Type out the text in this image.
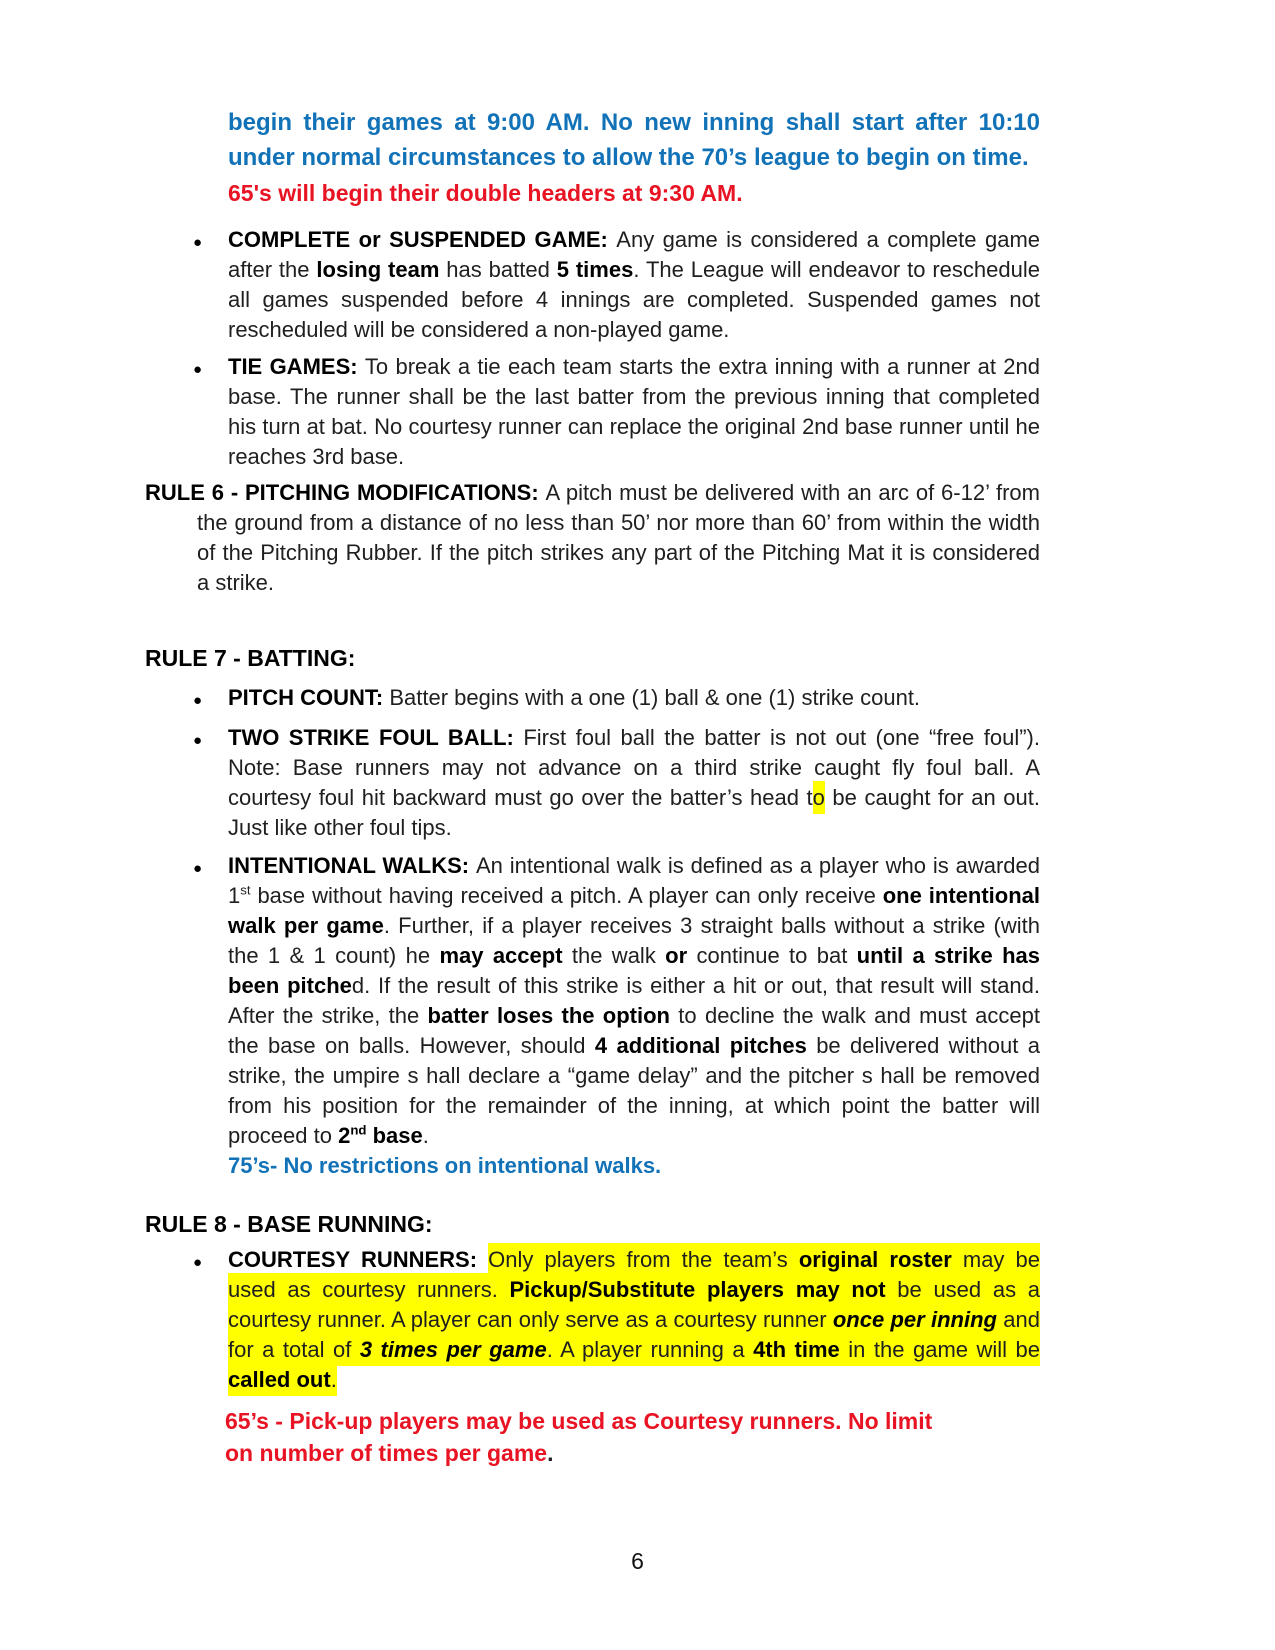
begin their games at 9:00 AM. No new inning shall start after 10:10 under normal circumstances to allow the 70’s league to begin on time.
65's will begin their double headers at 9:30 AM.
● COMPLETE or SUSPENDED GAME: Any game is considered a complete game after the losing team has batted 5 times. The League will endeavor to reschedule all games suspended before 4 innings are completed. Suspended games not rescheduled will be considered a non-played game.
● TIE GAMES: To break a tie each team starts the extra inning with a runner at 2nd base. The runner shall be the last batter from the previous inning that completed his turn at bat. No courtesy runner can replace the original 2nd base runner until he reaches 3rd base.
RULE 6 - PITCHING MODIFICATIONS: A pitch must be delivered with an arc of 6-12’ from the ground from a distance of no less than 50’ nor more than 60’ from within the width of the Pitching Rubber. If the pitch strikes any part of the Pitching Mat it is considered a strike.
RULE 7 - BATTING:
● PITCH COUNT: Batter begins with a one (1) ball & one (1) strike count.
● TWO STRIKE FOUL BALL: First foul ball the batter is not out (one “free foul”). Note: Base runners may not advance on a third strike caught fly foul ball. A courtesy foul hit backward must go over the batter’s head to be caught for an out. Just like other foul tips.
● INTENTIONAL WALKS: An intentional walk is defined as a player who is awarded 1st base without having received a pitch. A player can only receive one intentional walk per game. Further, if a player receives 3 straight balls without a strike (with the 1 & 1 count) he may accept the walk or continue to bat until a strike has been pitched. If the result of this strike is either a hit or out, that result will stand. After the strike, the batter loses the option to decline the walk and must accept the base on balls. However, should 4 additional pitches be delivered without a strike, the umpire s hall declare a “game delay” and the pitcher s hall be removed from his position for the remainder of the inning, at which point the batter will proceed to 2nd base.
75’s- No restrictions on intentional walks.
RULE 8 - BASE RUNNING:
● COURTESY RUNNERS: Only players from the team’s original roster may be used as courtesy runners. Pickup/Substitute players may not be used as a courtesy runner. A player can only serve as a courtesy runner once per inning and for a total of 3 times per game. A player running a 4th time in the game will be called out.
65’s - Pick-up players may be used as Courtesy runners. No limit
on number of times per game.
6
